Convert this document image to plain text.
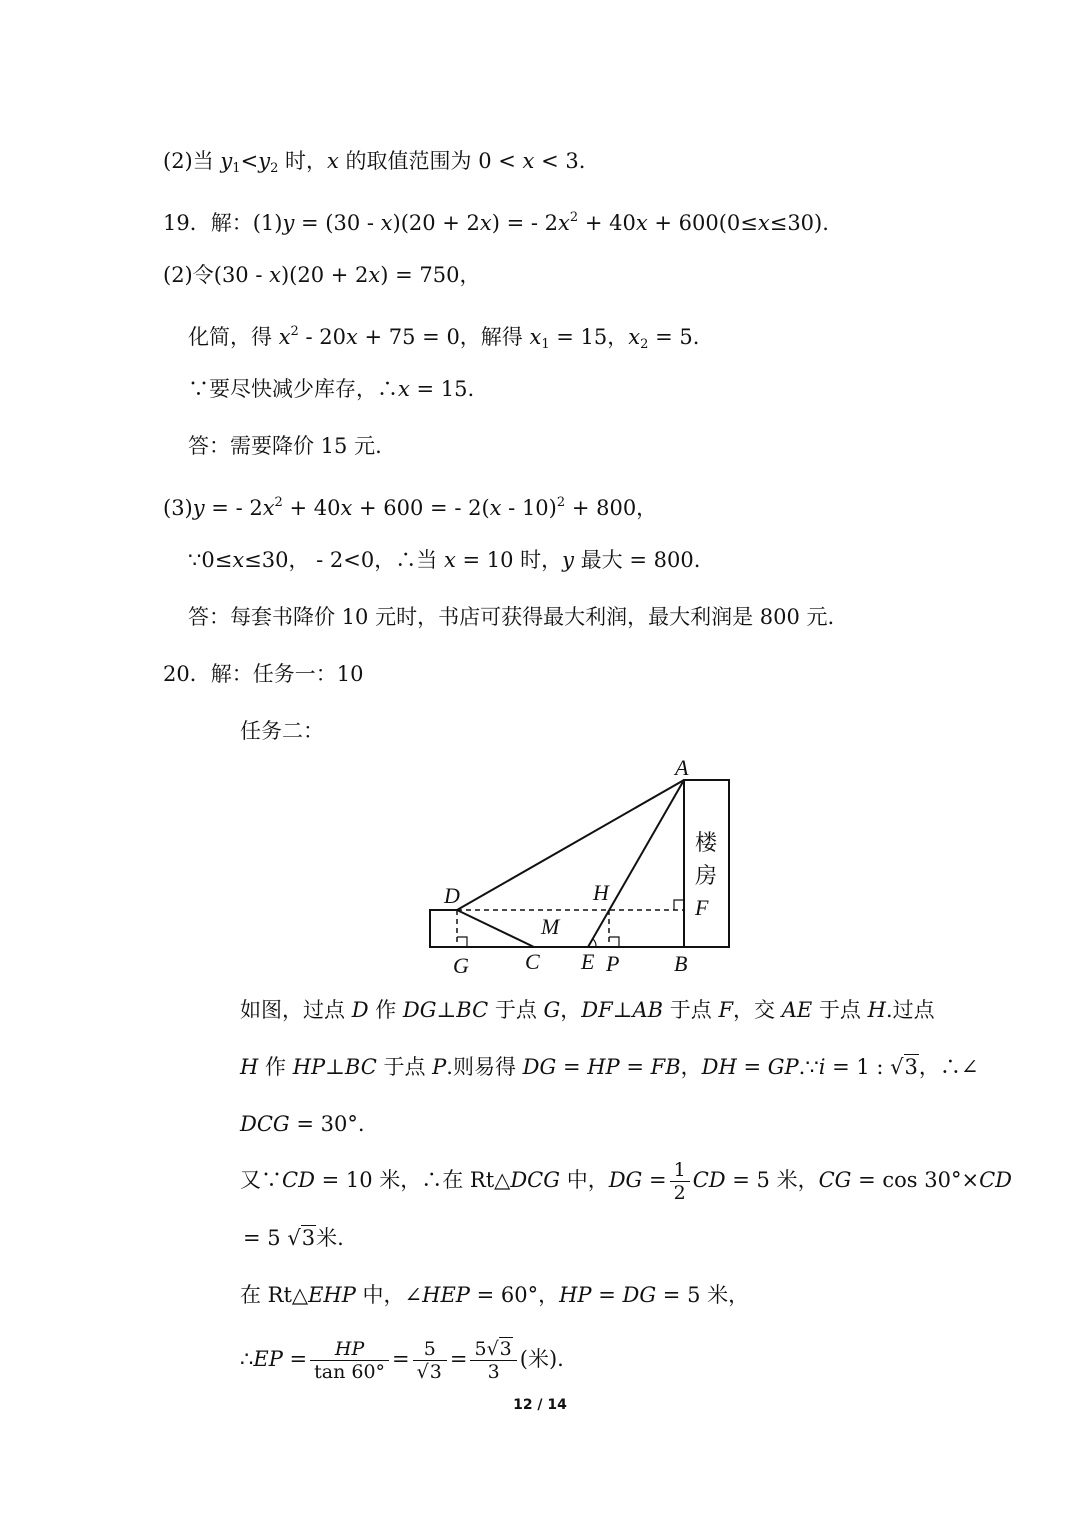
(2)当 $y_1<y_2$ 时，x 的取值范围为 0 < x < 3.
19．解：(1)y = (30 - x)(20 + 2x) = - $2x^2 + 40x + 600(0\le x\le 30)$.
(2)令(30 - x)(20 + 2x) = 750，
化简，得 $x^2 - 20x + 75 = 0$，解得 $x_1 = 15$，$x_2 = 5$.
∵要尽快减少库存，∴x = 15.
答：需要降价 15 元.
(3)y = - $2x^2 + 40x + 600$ = - 2(x - 10)$^2$ + 800，
∵0≤x≤30， - 2<0，∴当 x = 10 时，y 最大 = 800.
答：每套书降价 10 元时，书店可获得最大利润，最大利润是 800 元.
20．解：任务一：10
任务二：
A
B
C
D
E
F
G
H
M
P
楼
房
如图，过点 D 作 DG⊥BC 于点 G，DF⊥AB 于点 F，交 AE 于点 H.过点
H 作 HP⊥BC 于点 P.则易得 DG = HP = FB，DH = GP.∵i = 1 : √3，∴∠
DCG = 30°.
又∵CD = 10 米，∴在 Rt△DCG 中，DG = $\frac{1}{2}$ CD = 5 米，CG = cos 30°×CD
= 5 √3米.
在 Rt△EHP 中，∠HEP = 60°，HP = DG = 5 米，
∴EP = $\frac{HP}{\tan 60^\circ} = \frac{5}{√3} = \frac{5√3}{3}$ (米).
12 / 14
